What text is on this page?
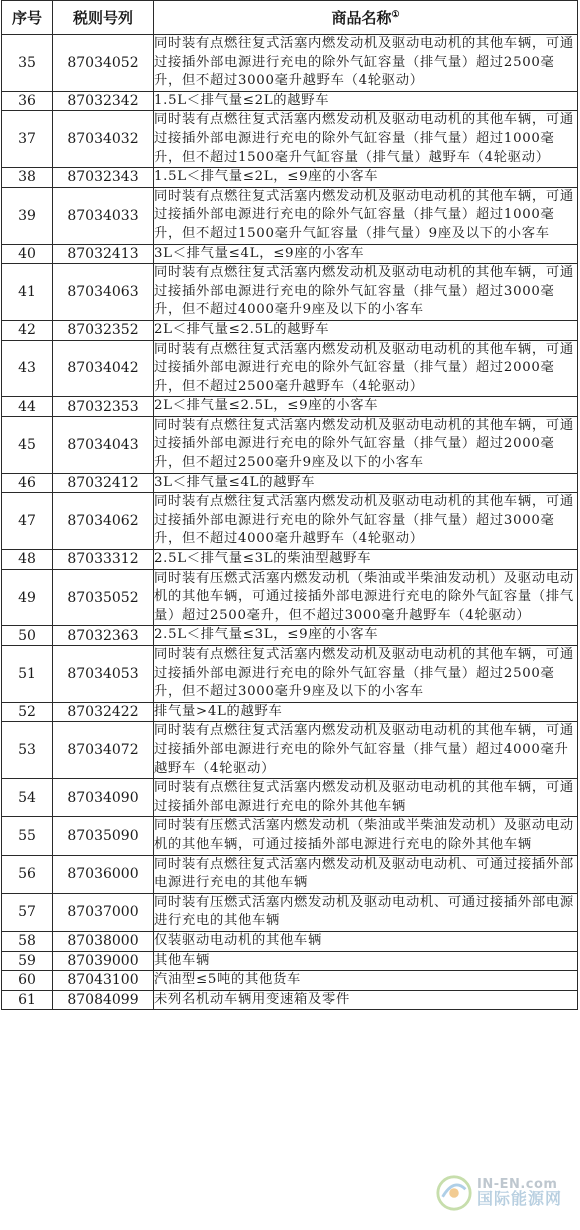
序号	税则号列	商品名称①
35	87034052	同时装有点燃往复式活塞内燃发动机及驱动电动机的其他车辆，可通过接插外部电源进行充电的除外气缸容量（排气量）超过2500毫升，但不超过3000毫升越野车（4轮驱动）
36	87032342	1.5L＜排气量≤2L的越野车
37	87034032	同时装有点燃往复式活塞内燃发动机及驱动电动机的其他车辆，可通过接插外部电源进行充电的除外气缸容量（排气量）超过1000毫升，但不超过1500毫升气缸容量（排气量）越野车（4轮驱动）
38	87032343	1.5L＜排气量≤2L，≤9座的小客车
39	87034033	同时装有点燃往复式活塞内燃发动机及驱动电动机的其他车辆，可通过接插外部电源进行充电的除外气缸容量（排气量）超过1000毫升，但不超过1500毫升气缸容量（排气量）9座及以下的小客车
40	87032413	3L＜排气量≤4L，≤9座的小客车
41	87034063	同时装有点燃往复式活塞内燃发动机及驱动电动机的其他车辆，可通过接插外部电源进行充电的除外气缸容量（排气量）超过3000毫升，但不超过4000毫升9座及以下的小客车
42	87032352	2L＜排气量≤2.5L的越野车
43	87034042	同时装有点燃往复式活塞内燃发动机及驱动电动机的其他车辆，可通过接插外部电源进行充电的除外气缸容量（排气量）超过2000毫升，但不超过2500毫升越野车（4轮驱动）
44	87032353	2L＜排气量≤2.5L，≤9座的小客车
45	87034043	同时装有点燃往复式活塞内燃发动机及驱动电动机的其他车辆，可通过接插外部电源进行充电的除外气缸容量（排气量）超过2000毫升，但不超过2500毫升9座及以下的小客车
46	87032412	3L＜排气量≤4L的越野车
47	87034062	同时装有点燃往复式活塞内燃发动机及驱动电动机的其他车辆，可通过接插外部电源进行充电的除外气缸容量（排气量）超过3000毫升，但不超过4000毫升越野车（4轮驱动）
48	87033312	2.5L＜排气量≤3L的柴油型越野车
49	87035052	同时装有压燃式活塞内燃发动机（柴油或半柴油发动机）及驱动电动机的其他车辆，可通过接插外部电源进行充电的除外气缸容量（排气量）超过2500毫升，但不超过3000毫升越野车（4轮驱动）
50	87032363	2.5L＜排气量≤3L，≤9座的小客车
51	87034053	同时装有点燃往复式活塞内燃发动机及驱动电动机的其他车辆，可通过接插外部电源进行充电的除外气缸容量（排气量）超过2500毫升，但不超过3000毫升9座及以下的小客车
52	87032422	排气量>4L的越野车
53	87034072	同时装有点燃往复式活塞内燃发动机及驱动电动机的其他车辆，可通过接插外部电源进行充电的除外气缸容量（排气量）超过4000毫升越野车（4轮驱动）
54	87034090	同时装有点燃往复式活塞内燃发动机及驱动电动机的其他车辆，可通过接插外部电源进行充电的除外其他车辆
55	87035090	同时装有压燃式活塞内燃发动机（柴油或半柴油发动机）及驱动电动机的其他车辆，可通过接插外部电源进行充电的除外其他车辆
56	87036000	同时装有点燃往复式活塞内燃发动机及驱动电动机、可通过接插外部电源进行充电的其他车辆
57	87037000	同时装有压燃式活塞内燃发动机及驱动电动机、可通过接插外部电源进行充电的其他车辆
58	87038000	仅装驱动电动机的其他车辆
59	87039000	其他车辆
60	87043100	汽油型≤5吨的其他货车
61	87084099	未列名机动车辆用变速箱及零件
IN-EN.com
国际能源网
